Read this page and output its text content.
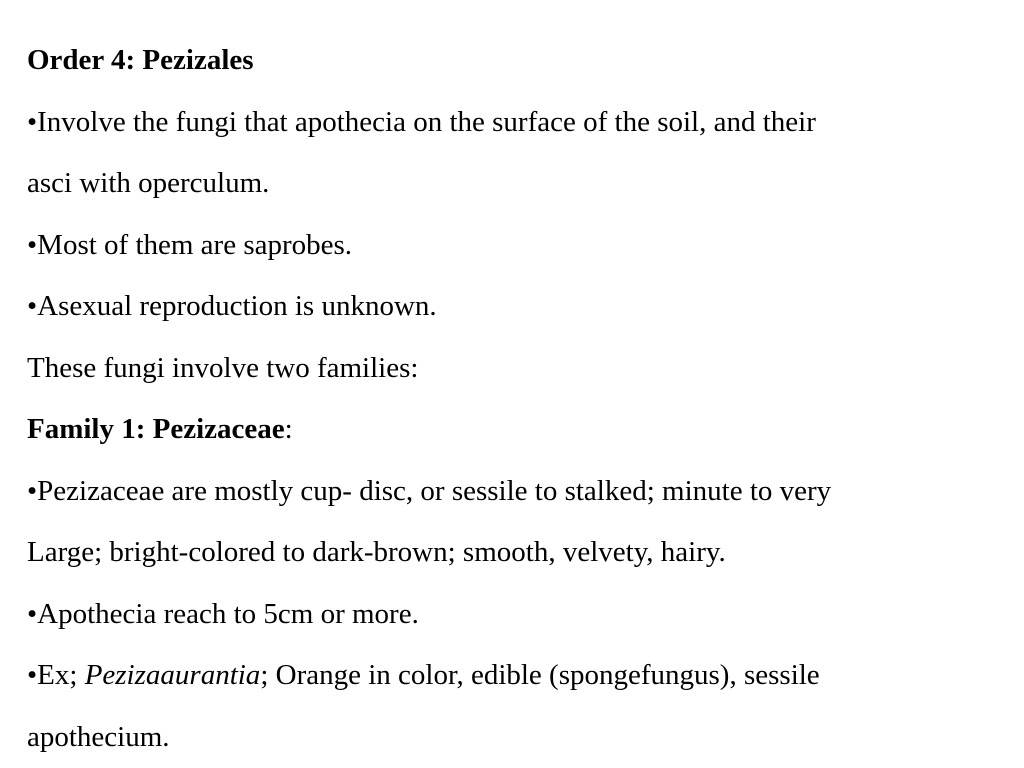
Order 4: Pezizales

•Involve the fungi that apothecia on the surface of the soil, and their

asci with operculum.

•Most of them are saprobes.

•Asexual reproduction is unknown.

These fungi involve two families:

Family 1: Pezizaceae:

•Pezizaceae are mostly cup- disc, or sessile to stalked; minute to very

Large; bright-colored to dark-brown; smooth, velvety, hairy.

•Apothecia reach to 5cm or more.

•Ex; Pezizaaurantia; Orange in color, edible (spongefungus), sessile

apothecium.
